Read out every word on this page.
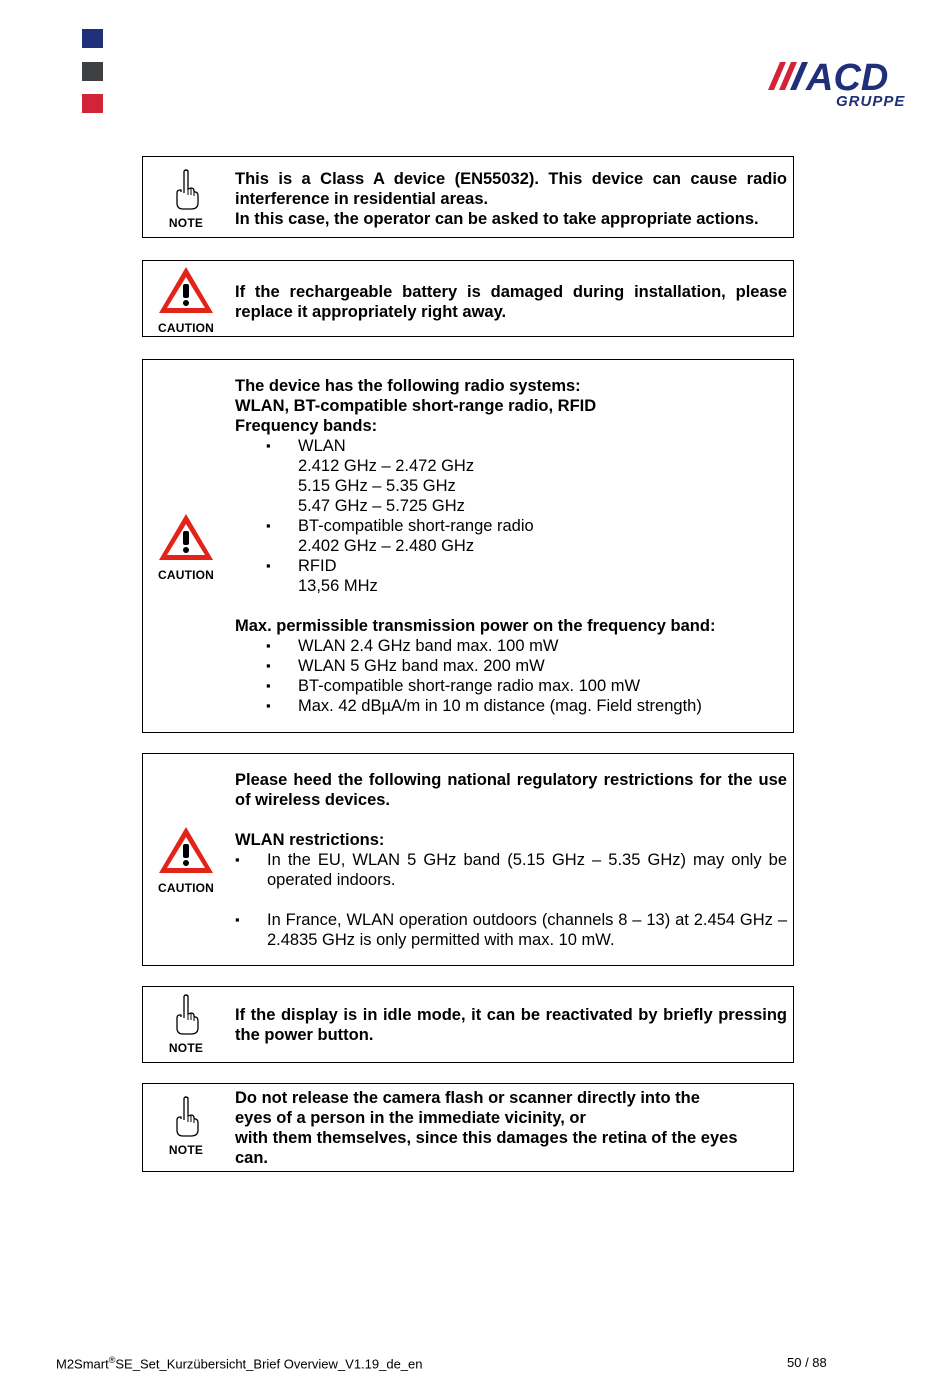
ACD
GRUPPE
NOTE
This is a Class A device (EN55032). This device can cause radio interference in residential areas.
In this case, the operator can be asked to take appropriate actions.
CAUTION
If the rechargeable battery is damaged during installation, please replace it appropriately right away.
CAUTION
The device has the following radio systems:
WLAN, BT-compatible short-range radio, RFID
Frequency bands:
▪ WLAN
2.412 GHz – 2.472 GHz
5.15 GHz – 5.35 GHz
5.47 GHz – 5.725 GHz
▪ BT-compatible short-range radio
2.402 GHz – 2.480 GHz
▪ RFID
13,56 MHz
Max. permissible transmission power on the frequency band:
▪ WLAN 2.4 GHz band max. 100 mW
▪ WLAN 5 GHz band max. 200 mW
▪ BT-compatible short-range radio max. 100 mW
▪ Max. 42 dBµA/m in 10 m distance (mag. Field strength)
CAUTION
Please heed the following national regulatory restrictions for the use of wireless devices.
WLAN restrictions:
▪ In the EU, WLAN 5 GHz band (5.15 GHz – 5.35 GHz) may only be operated indoors.
▪ In France, WLAN operation outdoors (channels 8 – 13) at 2.454 GHz – 2.4835 GHz is only permitted with max. 10 mW.
NOTE
If the display is in idle mode, it can be reactivated by briefly pressing the power button.
NOTE
Do not release the camera flash or scanner directly into the
eyes of a person in the immediate vicinity, or
with them themselves, since this damages the retina of the eyes
can.
M2Smart®SE_Set_Kurzübersicht_Brief Overview_V1.19_de_en	50 / 88
